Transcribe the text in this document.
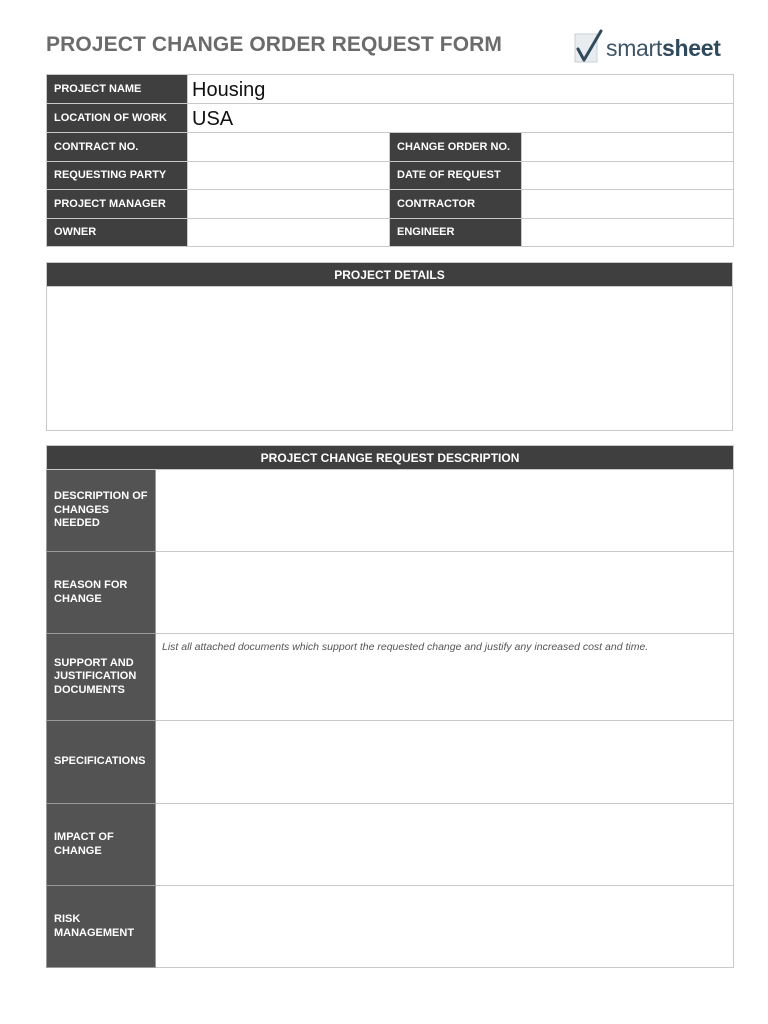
PROJECT CHANGE ORDER REQUEST FORM	smartsheet
PROJECT NAME	Housing		
LOCATION OF WORK	USA		
CONTRACT NO.		CHANGE ORDER NO.	
REQUESTING PARTY		DATE OF REQUEST	
PROJECT MANAGER		CONTRACTOR	
OWNER		ENGINEER	
PROJECT DETAILS

PROJECT CHANGE REQUEST DESCRIPTION	
DESCRIPTION OF CHANGES NEEDED	
REASON FOR CHANGE	
SUPPORT AND JUSTIFICATION DOCUMENTS	List all attached documents which support the requested change and justify any increased cost and time.
SPECIFICATIONS	
IMPACT OF CHANGE	
RISK MANAGEMENT	
